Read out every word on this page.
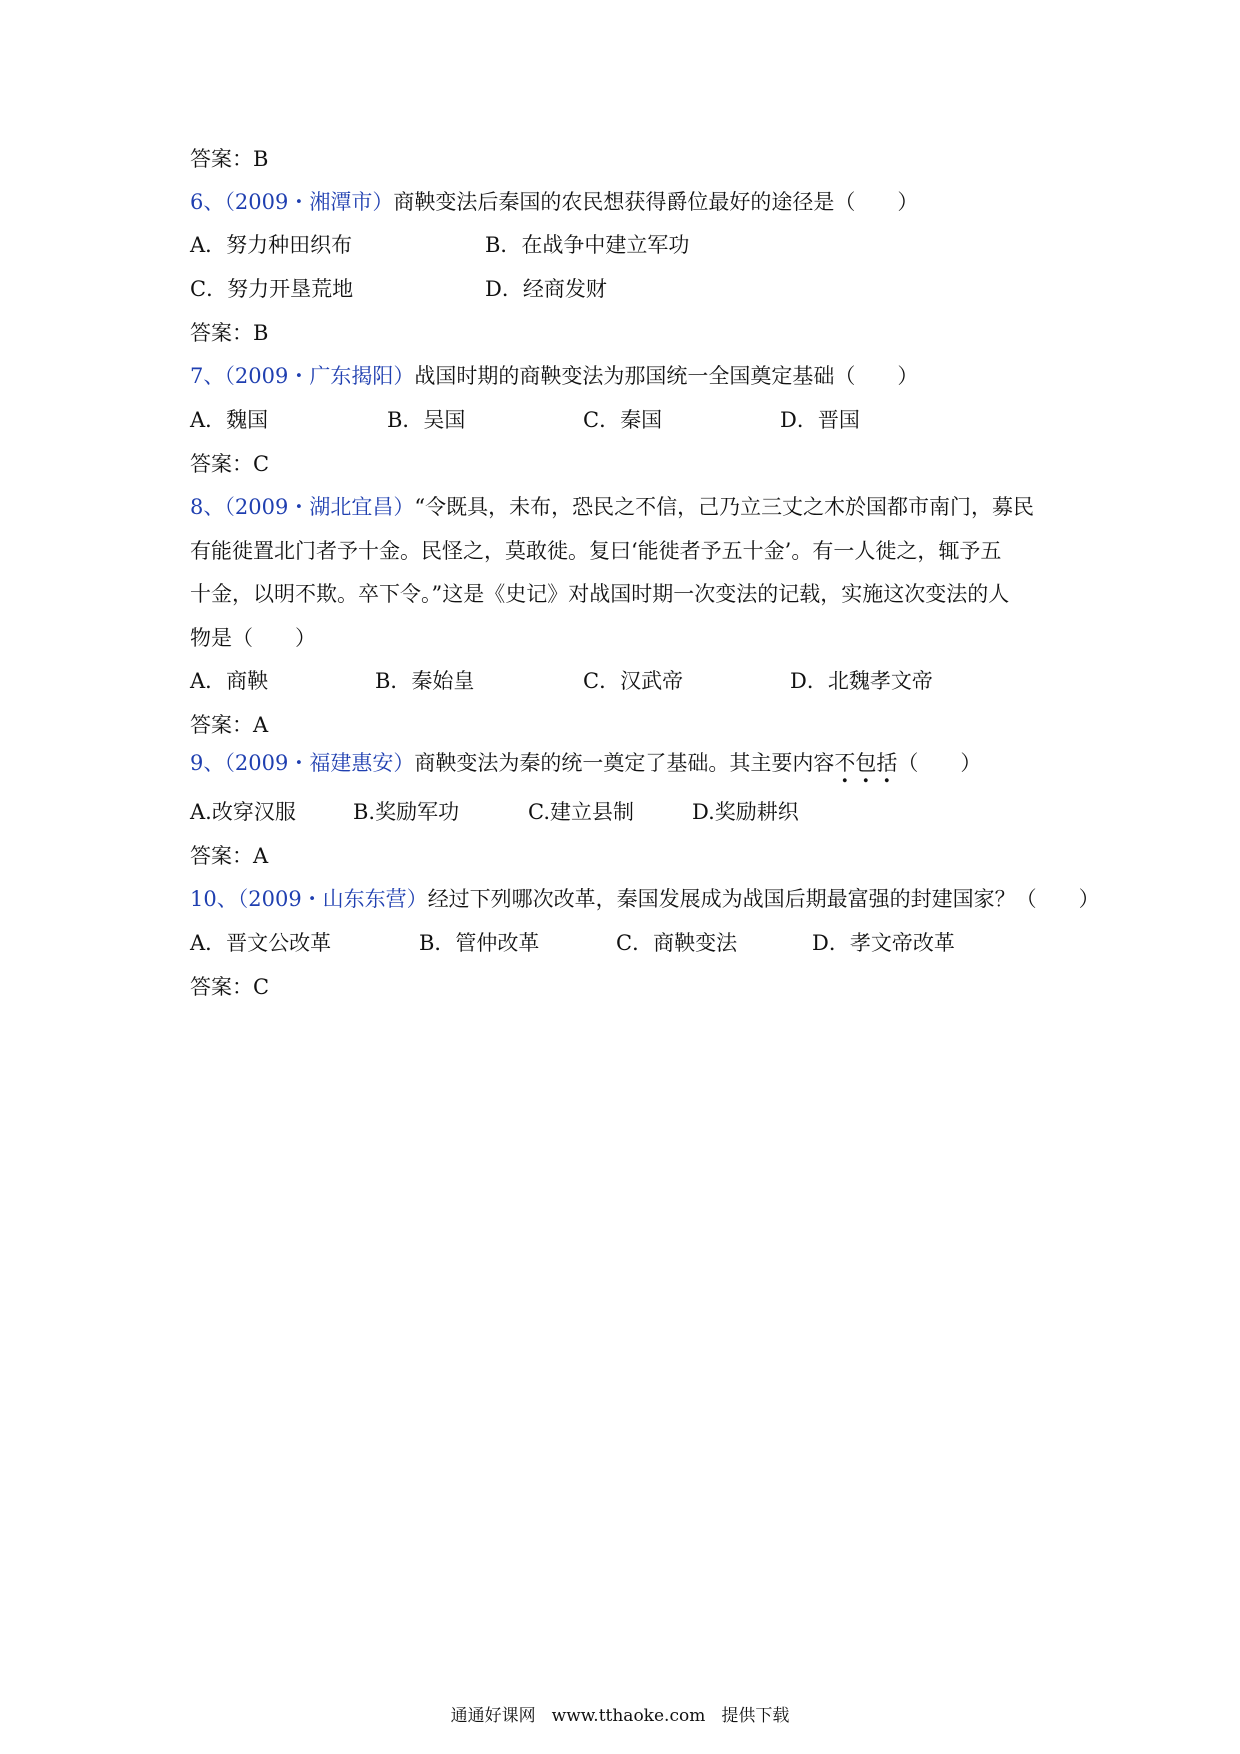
答案：B
6、（2009・湘潭市）商鞅变法后秦国的农民想获得爵位最好的途径是（　　）
A．努力种田织布	B．在战争中建立军功
C．努力开垦荒地	D．经商发财
答案：B
7、（2009・广东揭阳）战国时期的商鞅变法为那国统一全国奠定基础（　　）
A．魏国	B．吴国	C．秦国	D．晋国
答案：C
8、（2009・湖北宜昌）“令既具，未布，恐民之不信，己乃立三丈之木於国都市南门，募民
有能徙置北门者予十金。民怪之，莫敢徙。复曰‘能徙者予五十金’。有一人徙之，辄予五
十金，以明不欺。卒下令。”这是《史记》对战国时期一次变法的记载，实施这次变法的人
物是（　　）
A．商鞅	B．秦始皇	C．汉武帝	D．北魏孝文帝
答案：A
9、（2009・福建惠安）商鞅变法为秦的统一奠定了基础。其主要内容不包括（　　）
A.改穿汉服	B.奖励军功	C.建立县制	D.奖励耕织
答案：A
10、（2009・山东东营）经过下列哪次改革，秦国发展成为战国后期最富强的封建国家？（　　）
A．晋文公改革	B．管仲改革	C．商鞅变法	D．孝文帝改革
答案：C
通通好课网 www.tthaoke.com 提供下载
